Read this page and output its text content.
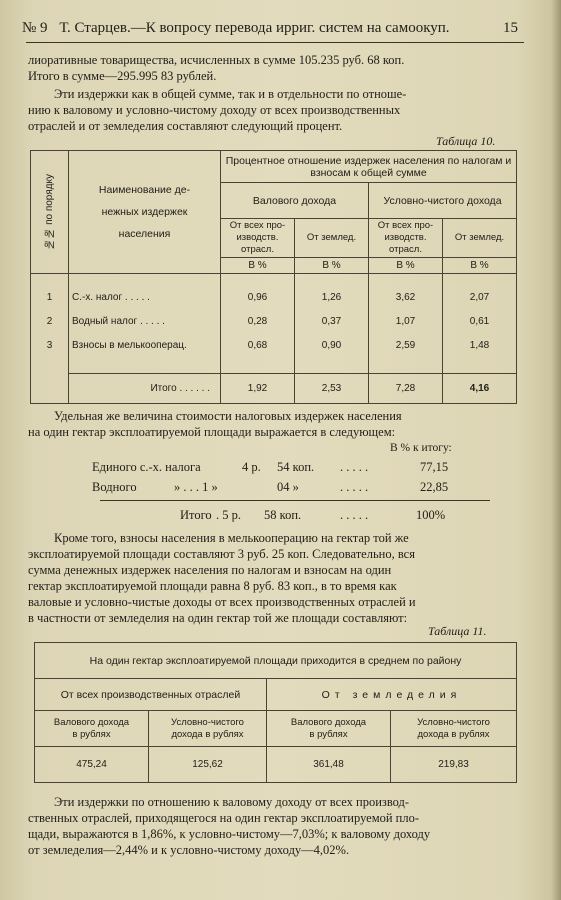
№ 9 Т. Старцев.—К вопросу перевода ирриг. систем на самоокуп.	15

лиоративные товарищества, исчисленных в сумме 105.235 руб. 68 коп.

Итого в сумме—295.995 83 рублей.

Эти издержки как в общей сумме, так и в отдельности по отноше-

нию к валовому и условно-чистому доходу от всех производственных

отраслей и от земледелия составляют следующий процент.

Таблица 10.
№№ по порядку	Наименование де-
нежных издержек
населения	Процентное отношение издержек населения по налогам и взносам к общей сумме			
		Валового дохода		Условно-чистого дохода	
		От всех про-
изводств.
отрасл.	От землед.	От всех про-
изводств.
отрасл.	От землед.
		В %	В %	В %	В %

1	С.-х. налог . . . . .	0,96	1,26	3,62	2,07
2	Водный налог . . . . .	0,28	0,37	1,07	0,61
3	Взносы в мелькооперац.	0,68	0,90	2,59	1,48

	Итого . . . . . .	1,92	2,53	7,28	4,16

Удельная же величина стоимости налоговых издержек населения

на один гектар эксплоатируемой площади выражается в следующем:

В % к итогу:
Единого с.-х. налога	4 р. 54 коп. . . . . .	77,15
Водного	» . . . 1 »	04 »	. . . . .	22,85
Итого . 5 р. 58 коп.	. . . . .	100%

Кроме того, взносы населения в мелькооперацию на гектар той же

эксплоатируемой площади составляют 3 руб. 25 коп. Следовательно, вся

сумма денежных издержек населения по налогам и взносам на один

гектар эксплоатируемой площади равна 8 руб. 83 коп., в то время как

валовые и условно-чистые доходы от всех производственных отраслей и

в частности от земледелия на один гектар той же площади составляют:

Таблица 11.
На один гектар эксплоатируемой площади приходится в среднем по району			
От всех производственных отраслей		От земледелия	
Валового дохода
в рублях	Условно-чистого
дохода в рублях	Валового дохода
в рублях	Условно-чистого
дохода в рублях
475,24	125,62	361,48	219,83

Эти издержки по отношению к валовому доходу от всех производ-

ственных отраслей, приходящегося на один гектар эксплоатируемой пло-

щади, выражаются в 1,86%, к условно-чистому—7,03%; к валовому доходу

от земледелия—2,44% и к условно-чистому доходу—4,02%.
